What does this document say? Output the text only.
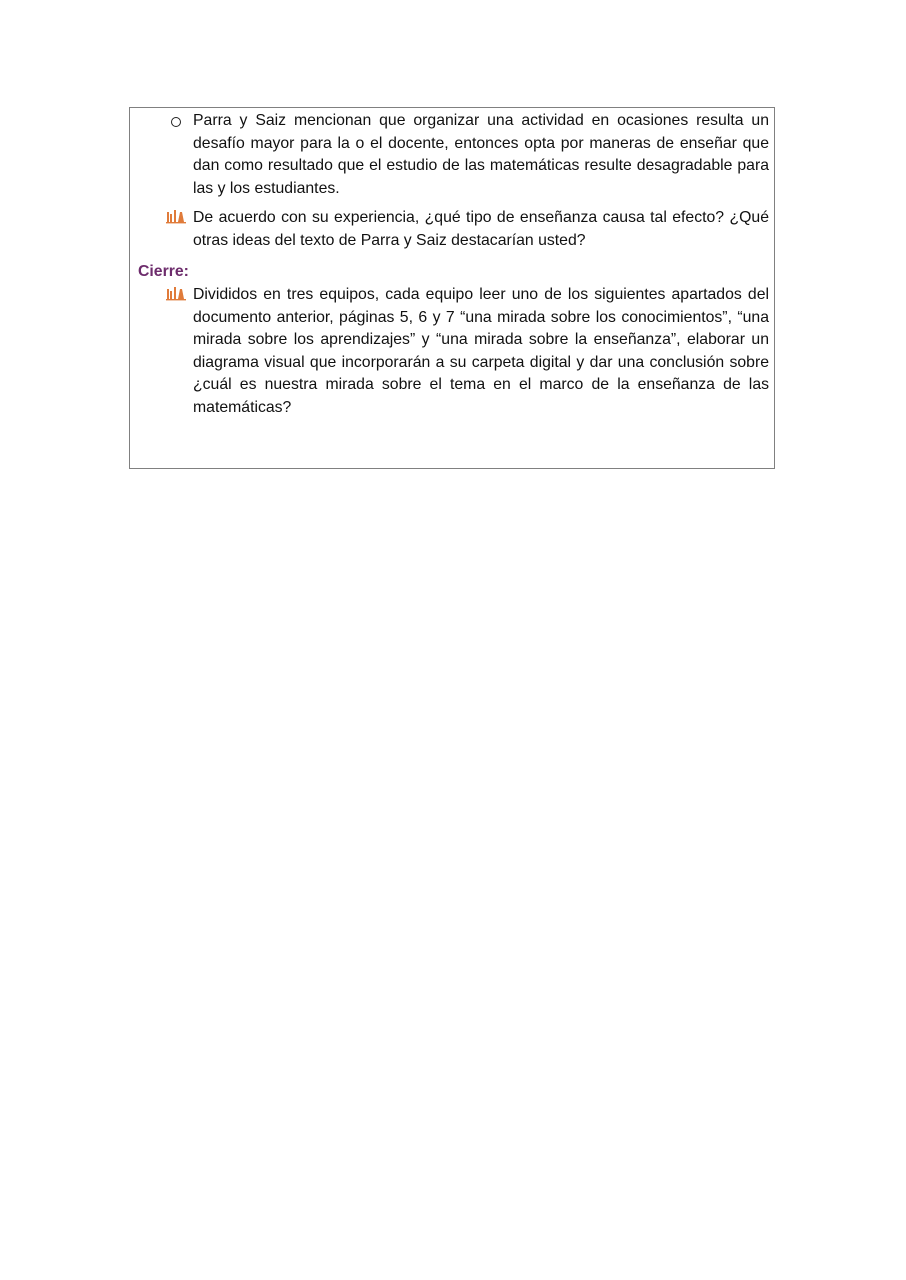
Parra y Saiz mencionan que organizar una actividad en ocasiones resulta un desafío mayor para la o el docente, entonces opta por maneras de enseñar que dan como resultado que el estudio de las matemáticas resulte desagradable para las y los estudiantes.
De acuerdo con su experiencia, ¿qué tipo de enseñanza causa tal efecto? ¿Qué otras ideas del texto de Parra y Saiz destacarían usted?
Cierre:
Divididos en tres equipos, cada equipo leer uno de los siguientes apartados del documento anterior, páginas 5, 6 y 7 “una mirada sobre los conocimientos”, “una mirada sobre los aprendizajes” y “una mirada sobre la enseñanza”, elaborar un diagrama visual que incorporarán a su carpeta digital y dar una conclusión sobre ¿cuál es nuestra mirada sobre el tema en el marco de la enseñanza de las matemáticas?
